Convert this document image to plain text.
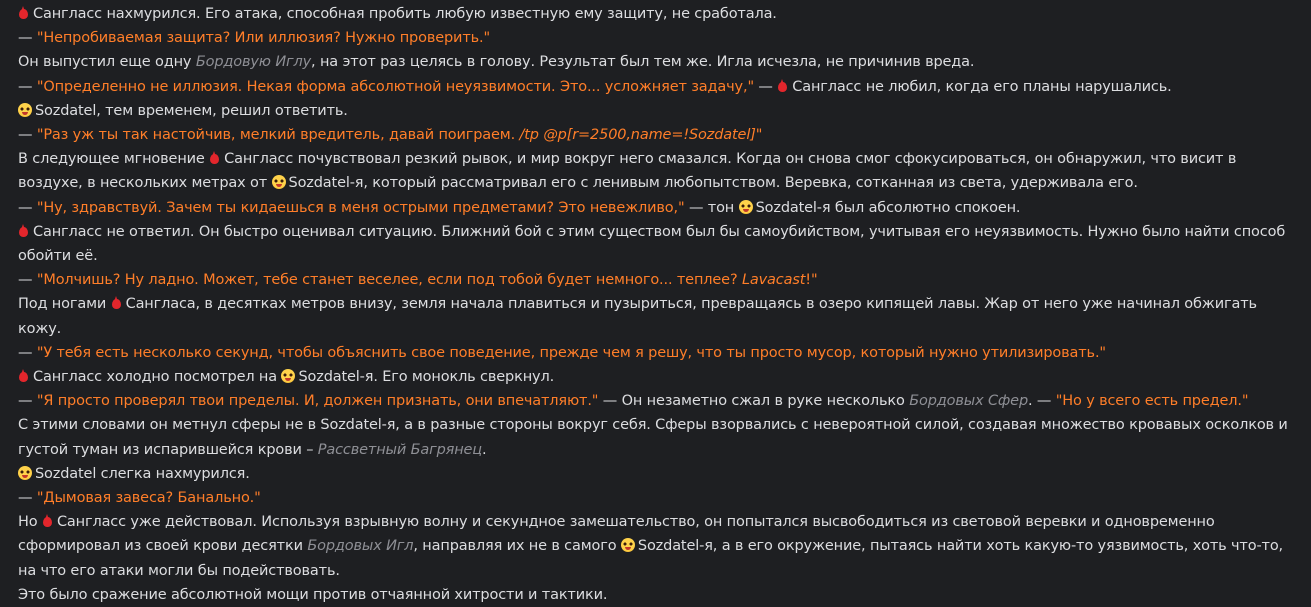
Сангласс нахмурился. Его атака, способная пробить любую известную ему защиту, не сработала.
— "Непробиваемая защита? Или иллюзия? Нужно проверить."
Он выпустил еще одну Бордовую Иглу, на этот раз целясь в голову. Результат был тем же. Игла исчезла, не причинив вреда.
— "Определенно не иллюзия. Некая форма абсолютной неуязвимости. Это... усложняет задачу," — Сангласс не любил, когда его планы нарушались.
Sozdatel, тем временем, решил ответить.
— "Раз уж ты так настойчив, мелкий вредитель, давай поиграем. /tp @p[r=2500,name=!Sozdatel]"
В следующее мгновение Сангласс почувствовал резкий рывок, и мир вокруг него смазался. Когда он снова смог сфокусироваться, он обнаружил, что висит в воздухе, в нескольких метрах от Sozdatel-я, который рассматривал его с ленивым любопытством. Веревка, сотканная из света, удерживала его.
— "Ну, здравствуй. Зачем ты кидаешься в меня острыми предметами? Это невежливо," — тон Sozdatel-я был абсолютно спокоен.
Сангласс не ответил. Он быстро оценивал ситуацию. Ближний бой с этим существом был бы самоубийством, учитывая его неуязвимость. Нужно было найти способ обойти её.
— "Молчишь? Ну ладно. Может, тебе станет веселее, если под тобой будет немного... теплее? Lavacast!"
Под ногами Сангласа, в десятках метров внизу, земля начала плавиться и пузыриться, превращаясь в озеро кипящей лавы. Жар от него уже начинал обжигать кожу.
— "У тебя есть несколько секунд, чтобы объяснить свое поведение, прежде чем я решу, что ты просто мусор, который нужно утилизировать."
Сангласс холодно посмотрел на Sozdatel-я. Его монокль сверкнул.
— "Я просто проверял твои пределы. И, должен признать, они впечатляют." — Он незаметно сжал в руке несколько Бордовых Сфер. — "Но у всего есть предел."
С этими словами он метнул сферы не в Sozdatel-я, а в разные стороны вокруг себя. Сферы взорвались с невероятной силой, создавая множество кровавых осколков и густой туман из испарившейся крови – Рассветный Багрянец.
Sozdatel слегка нахмурился.
— "Дымовая завеса? Банально."
Но Сангласс уже действовал. Используя взрывную волну и секундное замешательство, он попытался высвободиться из световой веревки и одновременно сформировал из своей крови десятки Бордовых Игл, направляя их не в самого Sozdatel-я, а в его окружение, пытаясь найти хоть какую-то уязвимость, хоть что-то, на что его атаки могли бы подействовать.
Это было сражение абсолютной мощи против отчаянной хитрости и тактики.
